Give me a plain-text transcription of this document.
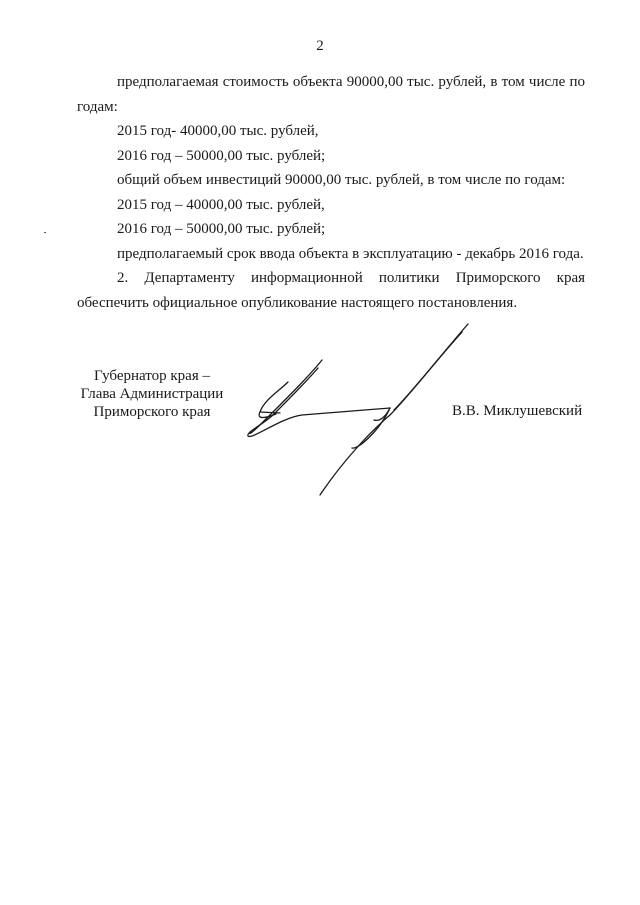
2

предполагаемая стоимость объекта 90000,00 тыс. рублей, в том числе по годам:

2015 год- 40000,00 тыс. рублей,

2016 год – 50000,00 тыс. рублей;

общий объем инвестиций 90000,00 тыс. рублей, в том числе по годам:

2015 год – 40000,00 тыс. рублей,

2016 год – 50000,00 тыс. рублей;

предполагаемый срок ввода объекта в эксплуатацию - декабрь 2016 года.

2. Департаменту информационной политики Приморского края

обеспечить официальное опубликование настоящего постановления.

Губернатор края –
Глава Администрации
Приморского края	В.В. Миклушевский
